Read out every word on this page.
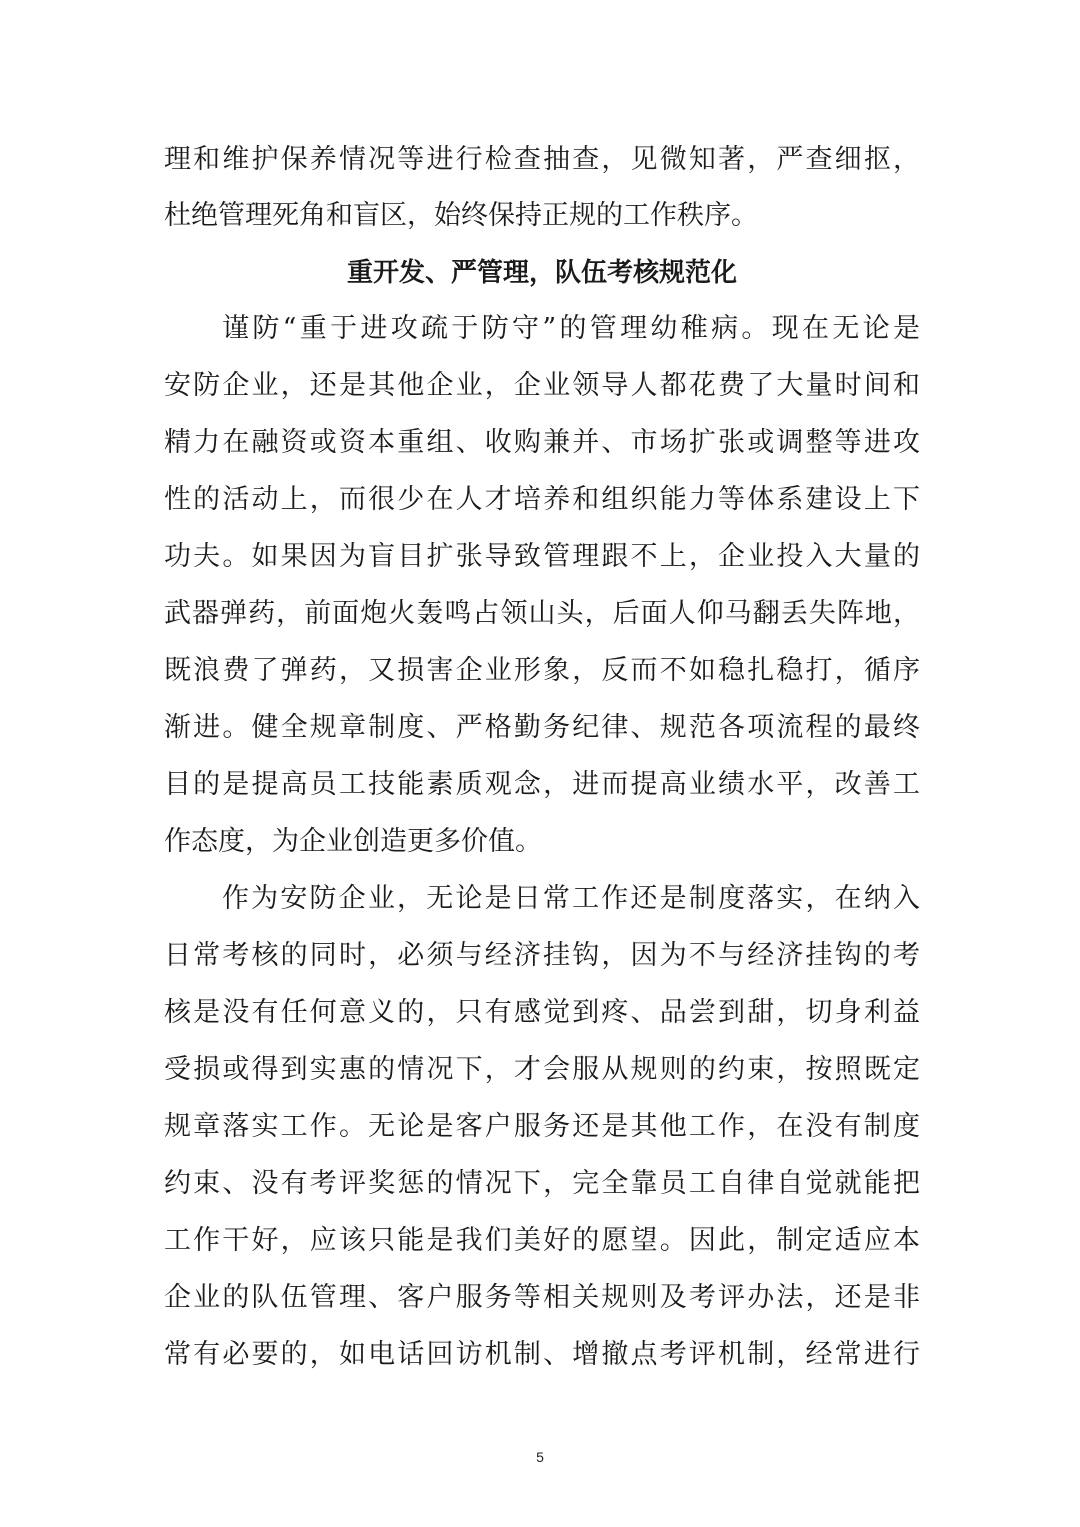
理和维护保养情况等进行检查抽查，见微知著，严查细抠，
杜绝管理死角和盲区，始终保持正规的工作秩序。
重开发、严管理，队伍考核规范化
谨防“重于进攻疏于防守”的管理幼稚病。现在无论是
安防企业，还是其他企业，企业领导人都花费了大量时间和
精力在融资或资本重组、收购兼并、市场扩张或调整等进攻
性的活动上，而很少在人才培养和组织能力等体系建设上下
功夫。如果因为盲目扩张导致管理跟不上，企业投入大量的
武器弹药，前面炮火轰鸣占领山头，后面人仰马翻丢失阵地，
既浪费了弹药，又损害企业形象，反而不如稳扎稳打，循序
渐进。健全规章制度、严格勤务纪律、规范各项流程的最终
目的是提高员工技能素质观念，进而提高业绩水平，改善工
作态度，为企业创造更多价值。
作为安防企业，无论是日常工作还是制度落实，在纳入
日常考核的同时，必须与经济挂钩，因为不与经济挂钩的考
核是没有任何意义的，只有感觉到疼、品尝到甜，切身利益
受损或得到实惠的情况下，才会服从规则的约束，按照既定
规章落实工作。无论是客户服务还是其他工作，在没有制度
约束、没有考评奖惩的情况下，完全靠员工自律自觉就能把
工作干好，应该只能是我们美好的愿望。因此，制定适应本
企业的队伍管理、客户服务等相关规则及考评办法，还是非
常有必要的，如电话回访机制、增撤点考评机制，经常进行
5
